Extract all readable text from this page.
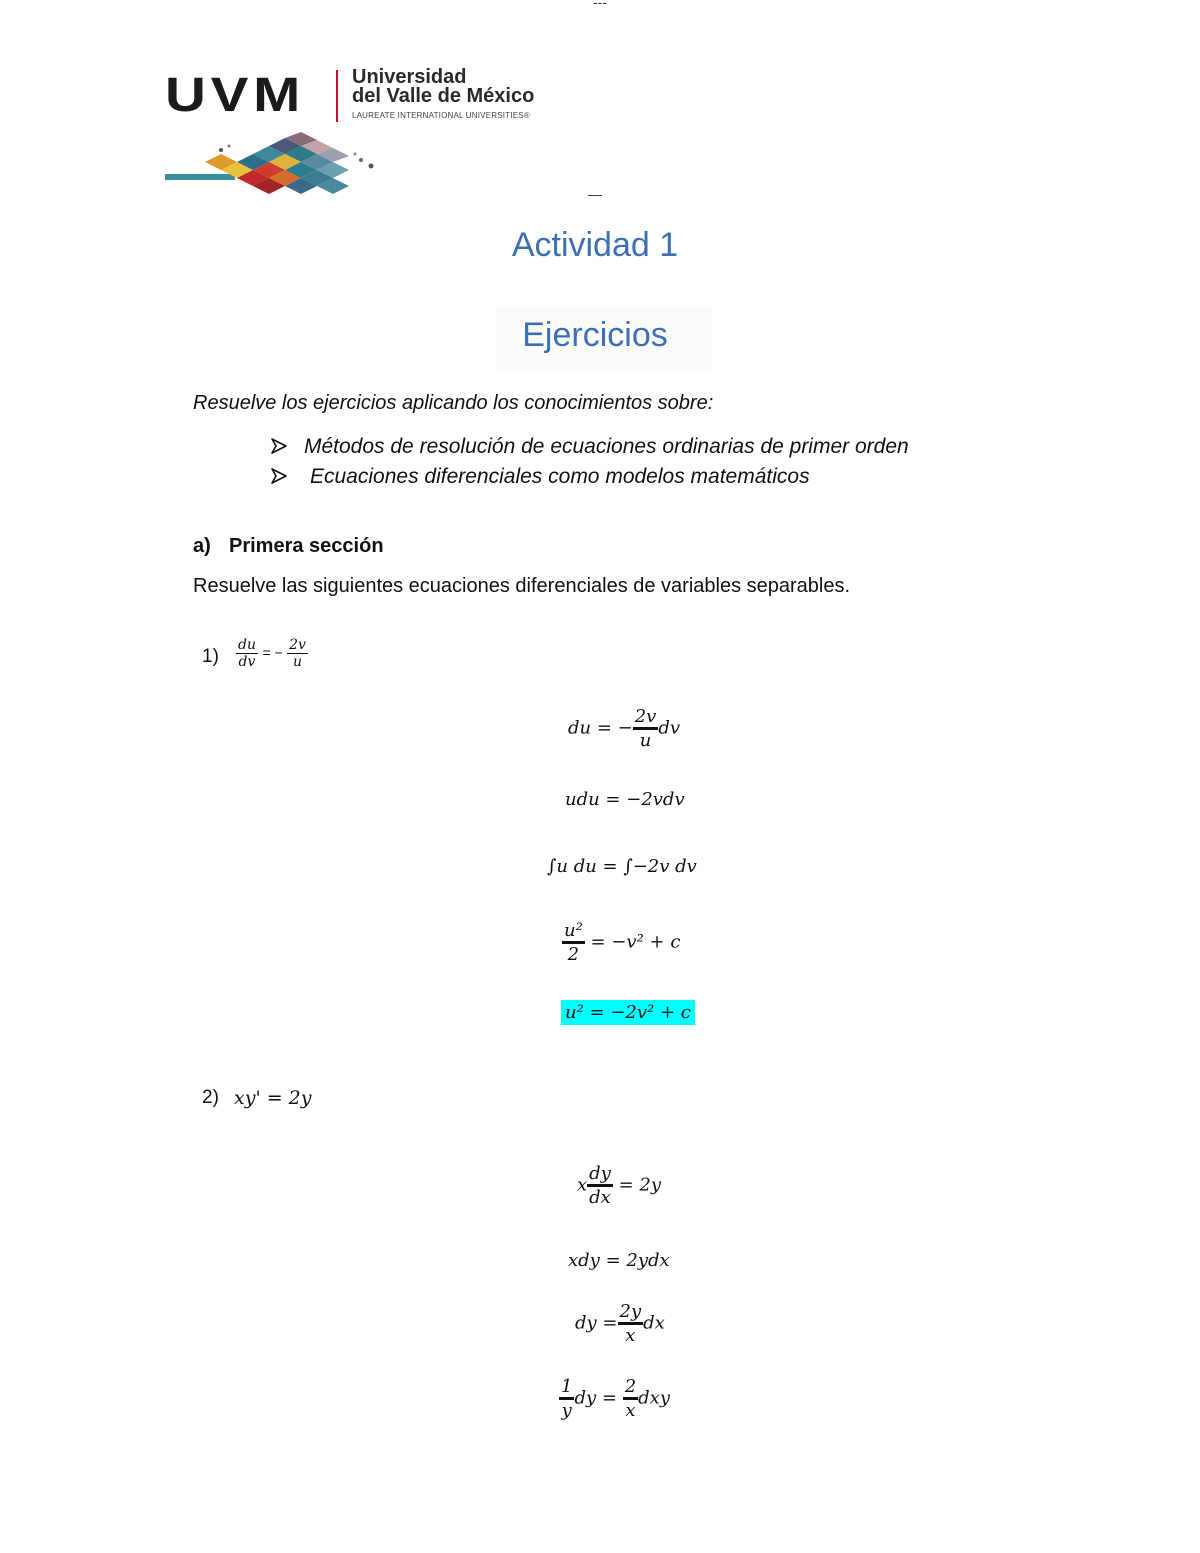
---
UVM Universidad
del Valle de México
LAUREATE INTERNATIONAL UNIVERSITIES®
—
Actividad 1
Ejercicios
Resuelve los ejercicios aplicando los conocimientos sobre:
Métodos de resolución de ecuaciones ordinarias de primer orden
Ecuaciones diferenciales como modelos matemáticos
a) Primera sección
Resuelve las siguientes ecuaciones diferenciales de variables separables.
$1) \frac{du}{dv}$ = − $\frac{2v}{u}$
du = − $\frac{2v}{u}$ dv
udu = −2vdv
∫u du = ∫−2v dv
$\frac{\text{u²}}{2} = -v^2 + c$
u² = −2v² + c
2) xy' = 2y
x $\frac{dy}{dx} = 2y$
xdy = 2ydx
dy = $\frac{2y}{x}$ dx
$\frac{1}{y}$ dy = $\frac{2}{x}$ dxy
